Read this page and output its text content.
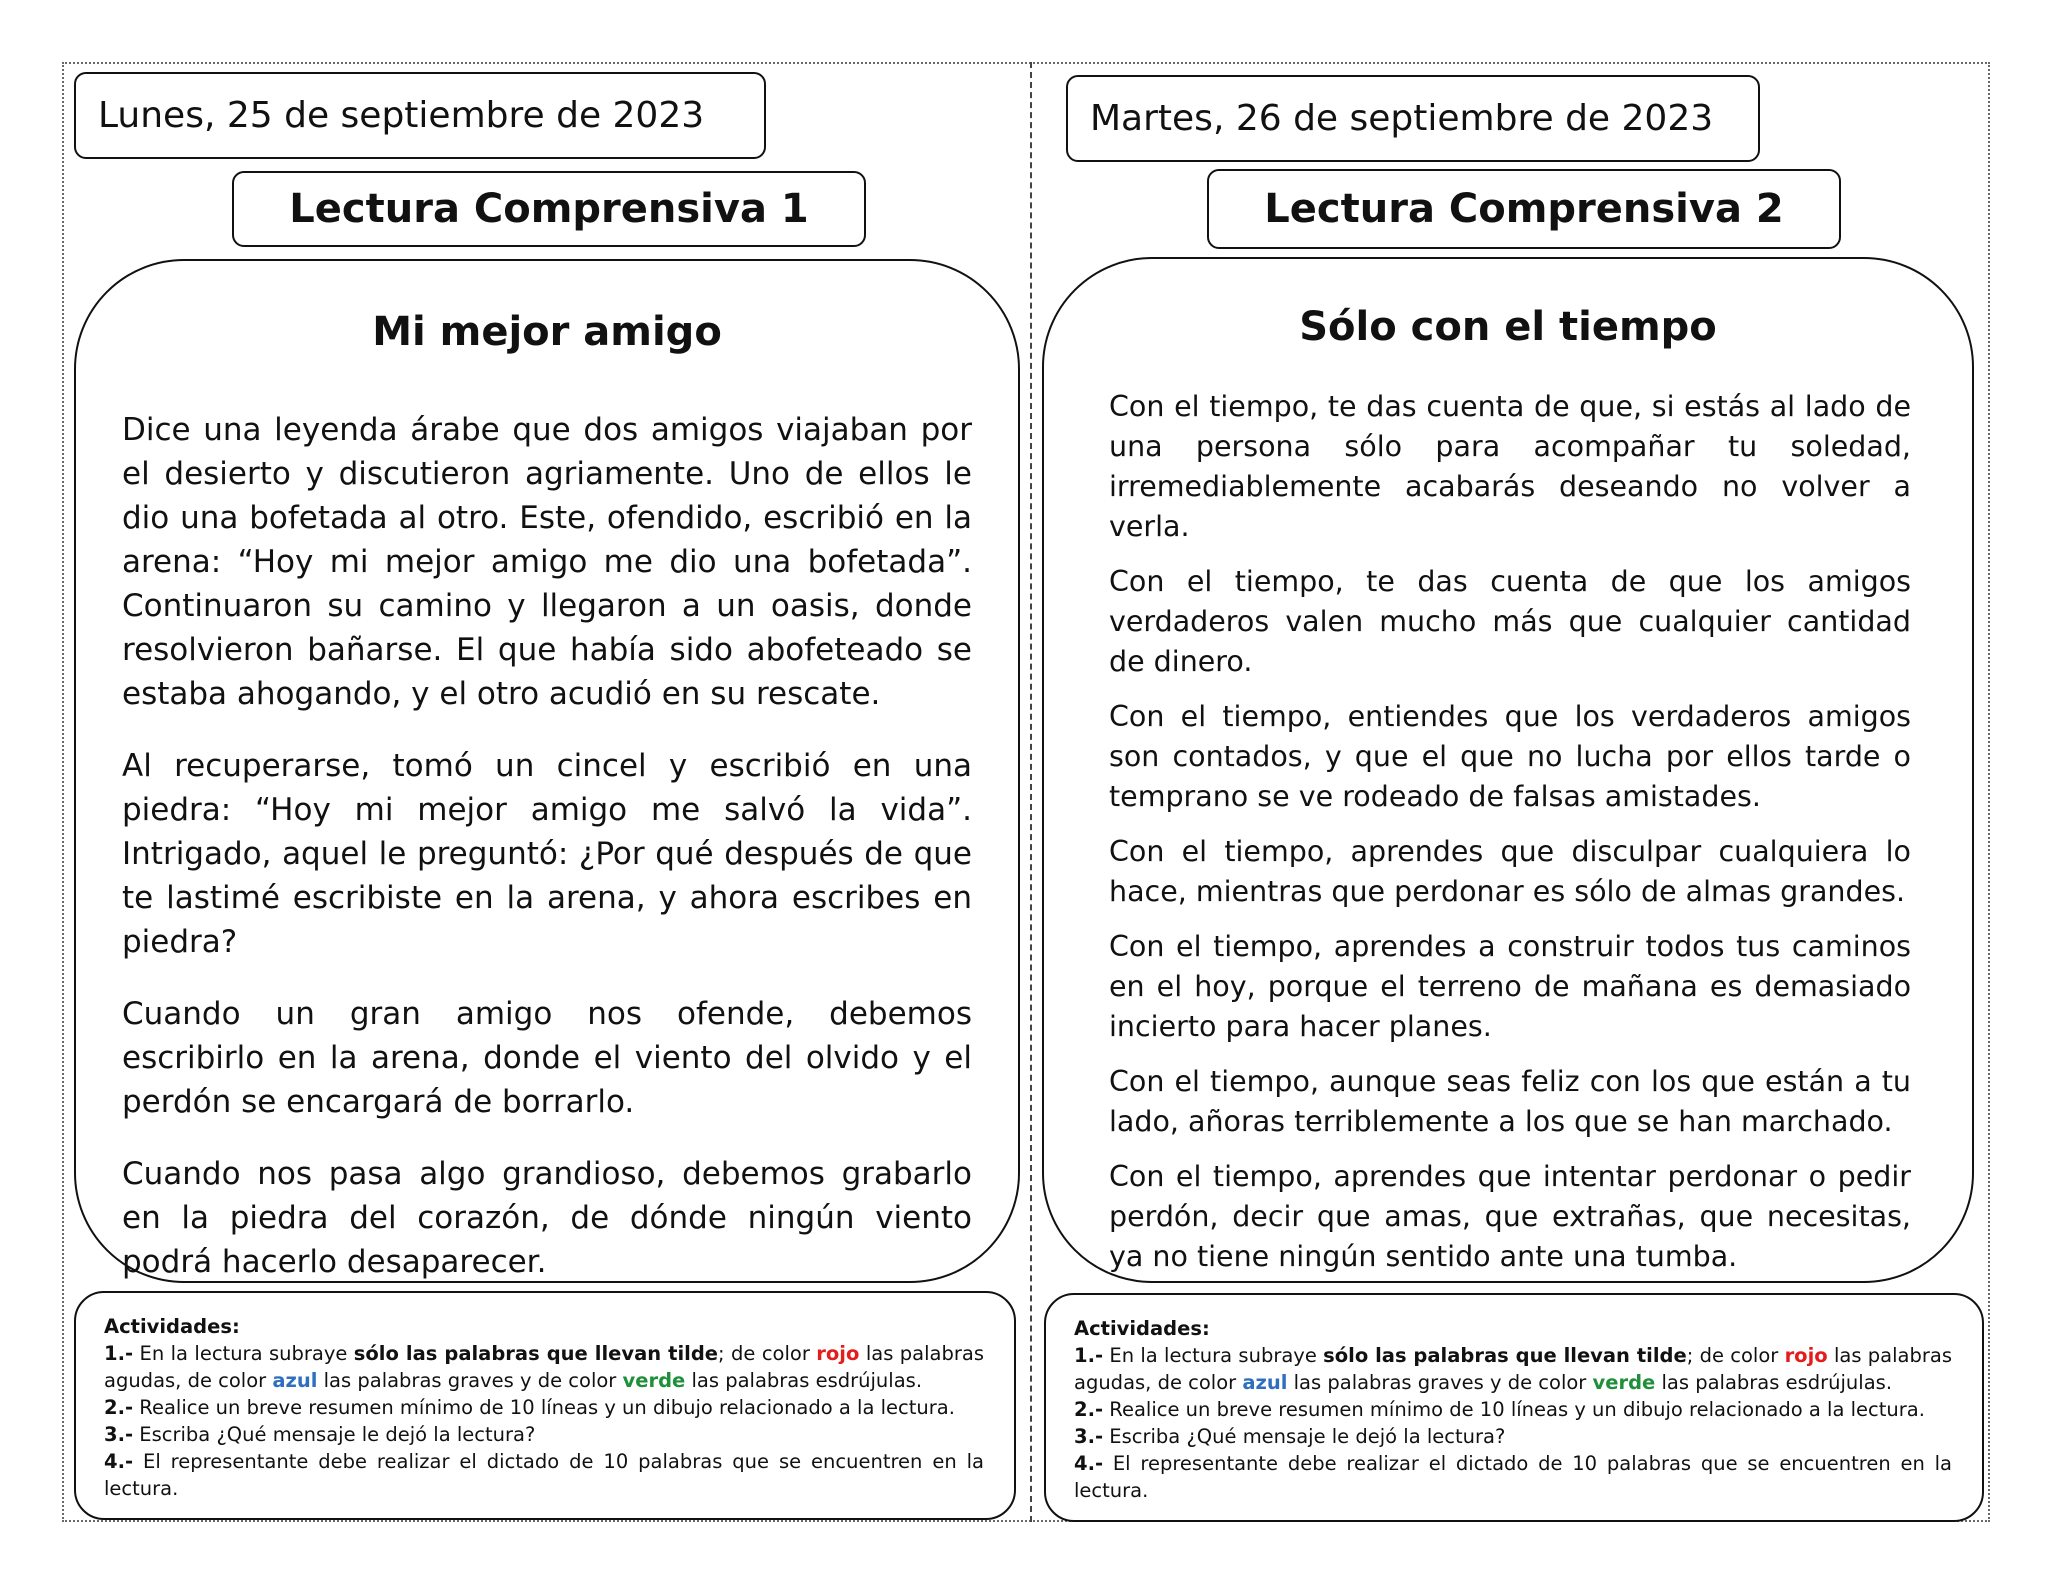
Lunes, 25 de septiembre de 2023
Lectura Comprensiva 1
Mi mejor amigo

Dice una leyenda árabe que dos amigos viajaban por el desierto y discutieron agriamente. Uno de ellos le dio una bofetada al otro. Este, ofendido, escribió en la arena: “Hoy mi mejor amigo me dio una bofetada”. Continuaron su camino y llegaron a un oasis, donde resolvieron bañarse. El que había sido abofeteado se estaba ahogando, y el otro acudió en su rescate.

Al recuperarse, tomó un cincel y escribió en una piedra: “Hoy mi mejor amigo me salvó la vida”. Intrigado, aquel le preguntó: ¿Por qué después de que te lastimé escribiste en la arena, y ahora escribes en piedra?

Cuando un gran amigo nos ofende, debemos escribirlo en la arena, donde el viento del olvido y el perdón se encargará de borrarlo.

Cuando nos pasa algo grandioso, debemos grabarlo en la piedra del corazón, de dónde ningún viento podrá hacerlo desaparecer.

Actividades:

1.- En la lectura subraye sólo las palabras que llevan tilde; de color rojo las palabras agudas, de color azul las palabras graves y de color verde las palabras esdrújulas.

2.- Realice un breve resumen mínimo de 10 líneas y un dibujo relacionado a la lectura.

3.- Escriba ¿Qué mensaje le dejó la lectura?

4.- El representante debe realizar el dictado de 10 palabras que se encuentren en la lectura.

Martes, 26 de septiembre de 2023
Lectura Comprensiva 2
Sólo con el tiempo

Con el tiempo, te das cuenta de que, si estás al lado de una persona sólo para acompañar tu soledad, irremediablemente acabarás deseando no volver a verla.

Con el tiempo, te das cuenta de que los amigos verdaderos valen mucho más que cualquier cantidad de dinero.

Con el tiempo, entiendes que los verdaderos amigos son contados, y que el que no lucha por ellos tarde o temprano se ve rodeado de falsas amistades.

Con el tiempo, aprendes que disculpar cualquiera lo hace, mientras que perdonar es sólo de almas grandes.

Con el tiempo, aprendes a construir todos tus caminos en el hoy, porque el terreno de mañana es demasiado incierto para hacer planes.

Con el tiempo, aunque seas feliz con los que están a tu lado, añoras terriblemente a los que se han marchado.

Con el tiempo, aprendes que intentar perdonar o pedir perdón, decir que amas, que extrañas, que necesitas, ya no tiene ningún sentido ante una tumba.

Actividades:

1.- En la lectura subraye sólo las palabras que llevan tilde; de color rojo las palabras agudas, de color azul las palabras graves y de color verde las palabras esdrújulas.

2.- Realice un breve resumen mínimo de 10 líneas y un dibujo relacionado a la lectura.

3.- Escriba ¿Qué mensaje le dejó la lectura?

4.- El representante debe realizar el dictado de 10 palabras que se encuentren en la lectura.
